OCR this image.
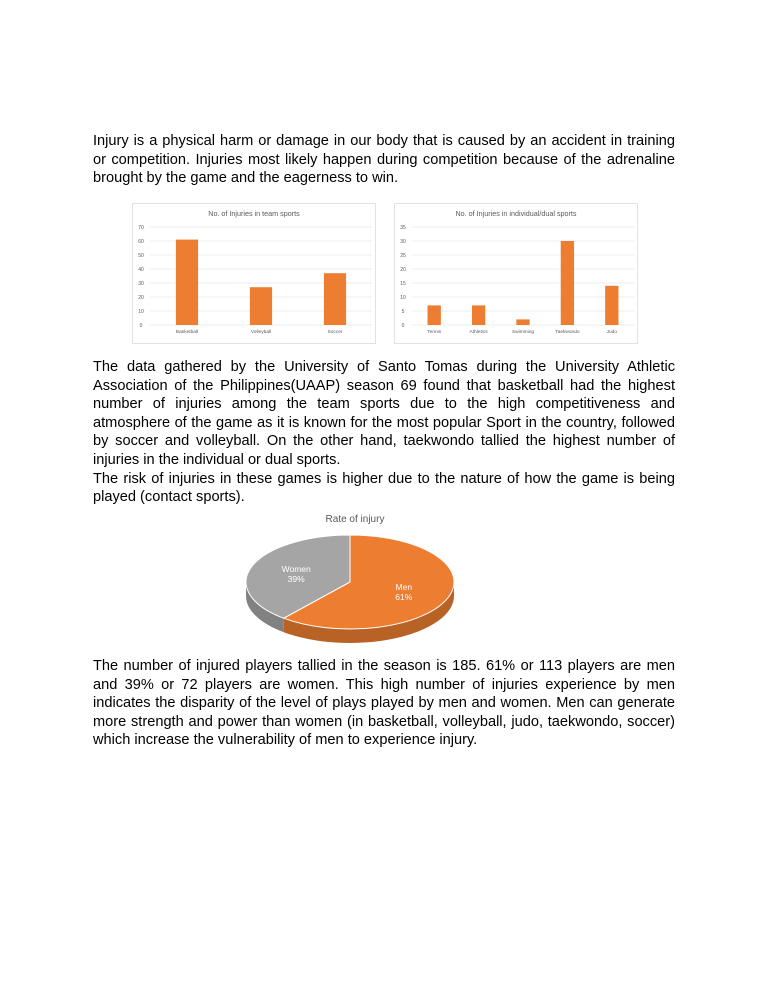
Injury is a physical harm or damage in our body that is caused by an accident in training or competition. Injuries most likely happen during competition because of the adrenaline brought by the game and the eagerness to win.

No. of Injuries in team sports
0
10
20
30
40
50
60
70
Basketball	Volleyball	Soccer
No. of Injuries in individual/dual sports
0
5
10
15
20
25
30
35
Tennis	Athletics	Swimming	Taekwondo	Judo
The data gathered by the University of Santo Tomas during the University Athletic Association of the Philippines(UAAP) season 69 found that basketball had the highest number of injuries among the team sports due to the high competitiveness and atmosphere of the game as it is known for the most popular Sport in the country, followed by soccer and volleyball. On the other hand, taekwondo tallied the highest number of injuries in the individual or dual sports.
The risk of injuries in these games is higher due to the nature of how the game is being played (contact sports).
Rate of injury
Men
61%
Women
39%

The number of injured players tallied in the season is 185. 61% or 113 players are men and 39% or 72 players are women. This high number of injuries experience by men indicates the disparity of the level of plays played by men and women. Men can generate more strength and power than women (in basketball, volleyball, judo, taekwondo, soccer) which increase the vulnerability of men to experience injury.
